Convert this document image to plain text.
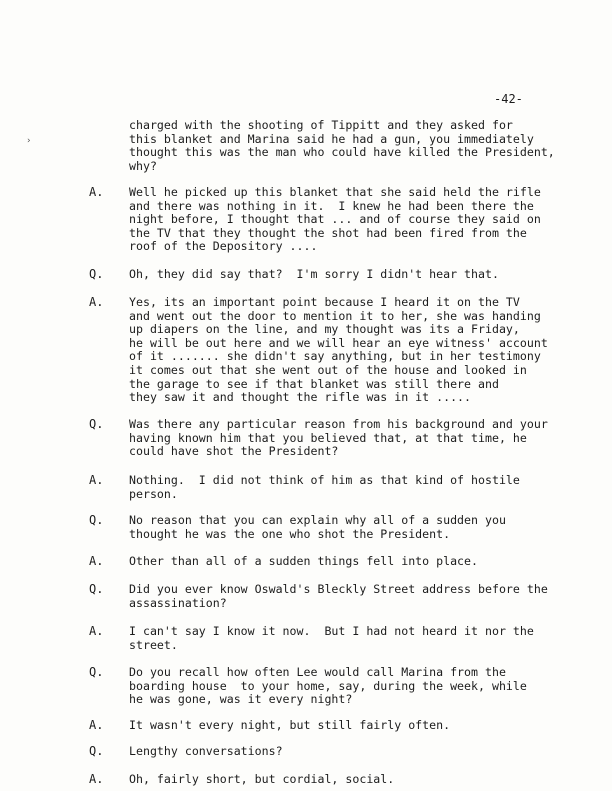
-42-
›
charged with the shooting of Tippitt and they asked for
this blanket and Marina said he had a gun, you immediately
thought this was the man who could have killed the President,
why?
A. Well he picked up this blanket that she said held the rifle
and there was nothing in it.  I knew he had been there the
night before, I thought that ... and of course they said on
the TV that they thought the shot had been fired from the
roof of the Depository ....
Q. Oh, they did say that?  I'm sorry I didn't hear that.
A. Yes, its an important point because I heard it on the TV
and went out the door to mention it to her, she was handing
up diapers on the line, and my thought was its a Friday,
he will be out here and we will hear an eye witness' account
of it ....... she didn't say anything, but in her testimony
it comes out that she went out of the house and looked in
the garage to see if that blanket was still there and
they saw it and thought the rifle was in it .....
Q. Was there any particular reason from his background and your
having known him that you believed that, at that time, he
could have shot the President?
A. Nothing.  I did not think of him as that kind of hostile
person.
Q. No reason that you can explain why all of a sudden you
thought he was the one who shot the President.
A. Other than all of a sudden things fell into place.
Q. Did you ever know Oswald's Bleckly Street address before the
assassination?
A. I can't say I know it now.  But I had not heard it nor the
street.
Q. Do you recall how often Lee would call Marina from the
boarding house  to your home, say, during the week, while
he was gone, was it every night?
A. It wasn't every night, but still fairly often.
Q. Lengthy conversations?
A. Oh, fairly short, but cordial, social.
